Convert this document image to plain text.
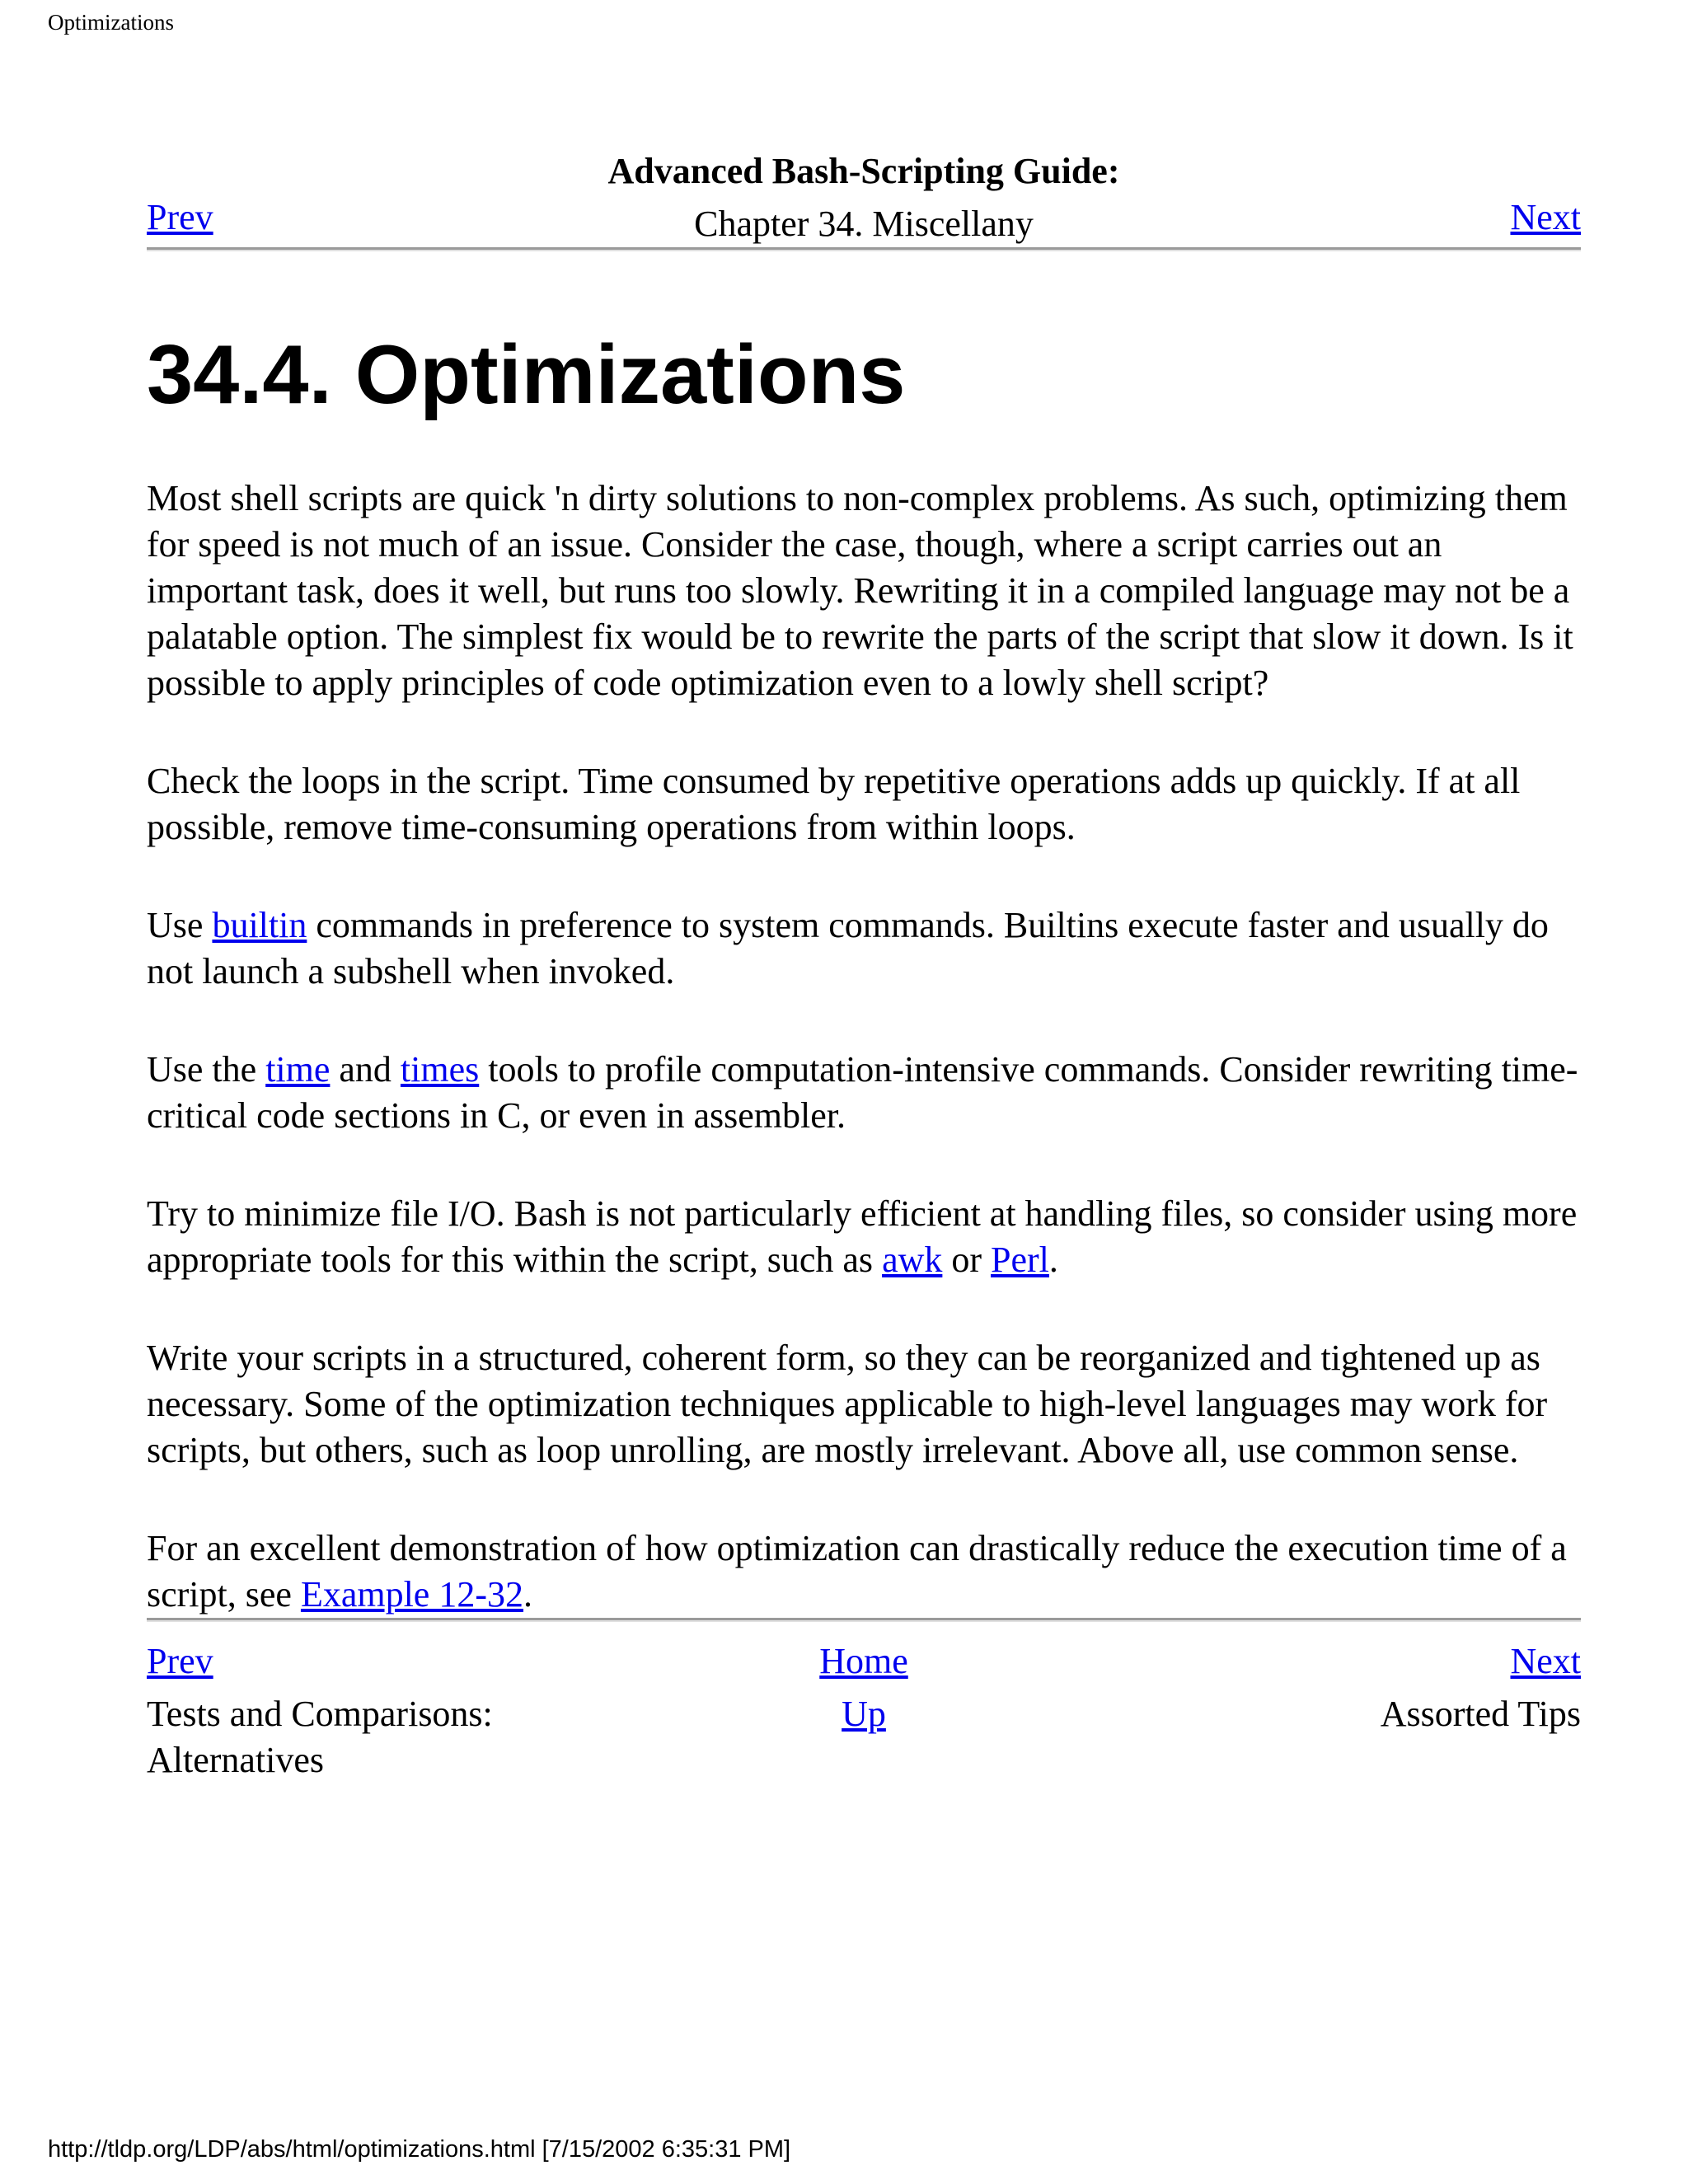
Optimizations
Advanced Bash-Scripting Guide:
Chapter 34. Miscellany
Prev	Next
34.4. Optimizations

Most shell scripts are quick 'n dirty solutions to non-complex problems. As such, optimizing them for speed is not much of an issue. Consider the case, though, where a script carries out an important task, does it well, but runs too slowly. Rewriting it in a compiled language may not be a palatable option. The simplest fix would be to rewrite the parts of the script that slow it down. Is it possible to apply principles of code optimization even to a lowly shell script?

Check the loops in the script. Time consumed by repetitive operations adds up quickly. If at all possible, remove time-consuming operations from within loops.

Use builtin commands in preference to system commands. Builtins execute faster and usually do not launch a subshell when invoked.

Use the time and times tools to profile computation-intensive commands. Consider rewriting time-critical code sections in C, or even in assembler.

Try to minimize file I/O. Bash is not particularly efficient at handling files, so consider using more appropriate tools for this within the script, such as awk or Perl.

Write your scripts in a structured, coherent form, so they can be reorganized and tightened up as necessary. Some of the optimization techniques applicable to high-level languages may work for scripts, but others, such as loop unrolling, are mostly irrelevant. Above all, use common sense.

For an excellent demonstration of how optimization can drastically reduce the execution time of a script, see Example 12-32.

Prev	Home	Next
Tests and Comparisons: Alternatives
Up	Assorted Tips
http://tldp.org/LDP/abs/html/optimizations.html [7/15/2002 6:35:31 PM]
